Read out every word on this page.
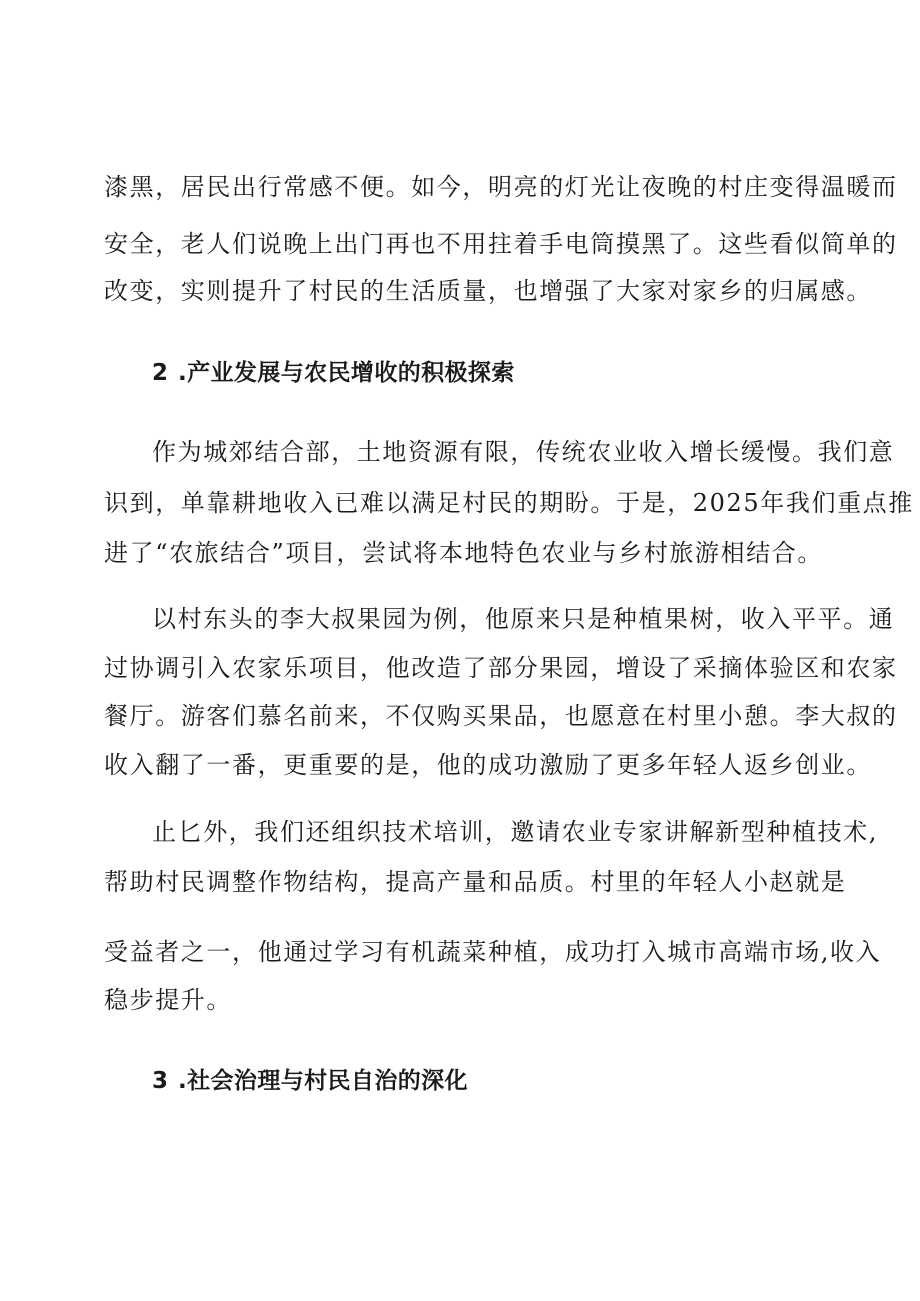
漆黑，居民出行常感不便。如今，明亮的灯光让夜晚的村庄变得温暖而
安全，老人们说晚上出门再也不用拄着手电筒摸黑了。这些看似简单的
改变，实则提升了村民的生活质量，也增强了大家对家乡的归属感。
2 .产业发展与农民增收的积极探索
作为城郊结合部，土地资源有限，传统农业收入增长缓慢。我们意
识到，单靠耕地收入已难以满足村民的期盼。于是，2025年我们重点推
进了“农旅结合”项目，尝试将本地特色农业与乡村旅游相结合。
以村东头的李大叔果园为例，他原来只是种植果树，收入平平。通
过协调引入农家乐项目，他改造了部分果园，增设了采摘体验区和农家
餐厅。游客们慕名前来，不仅购买果品，也愿意在村里小憩。李大叔的
收入翻了一番，更重要的是，他的成功激励了更多年轻人返乡创业。
止匕外，我们还组织技术培训，邀请农业专家讲解新型种植技术,
帮助村民调整作物结构，提高产量和品质。村里的年轻人小赵就是
受益者之一，他通过学习有机蔬菜种植，成功打入城市高端市场,收入
稳步提升。
3 .社会治理与村民自治的深化
